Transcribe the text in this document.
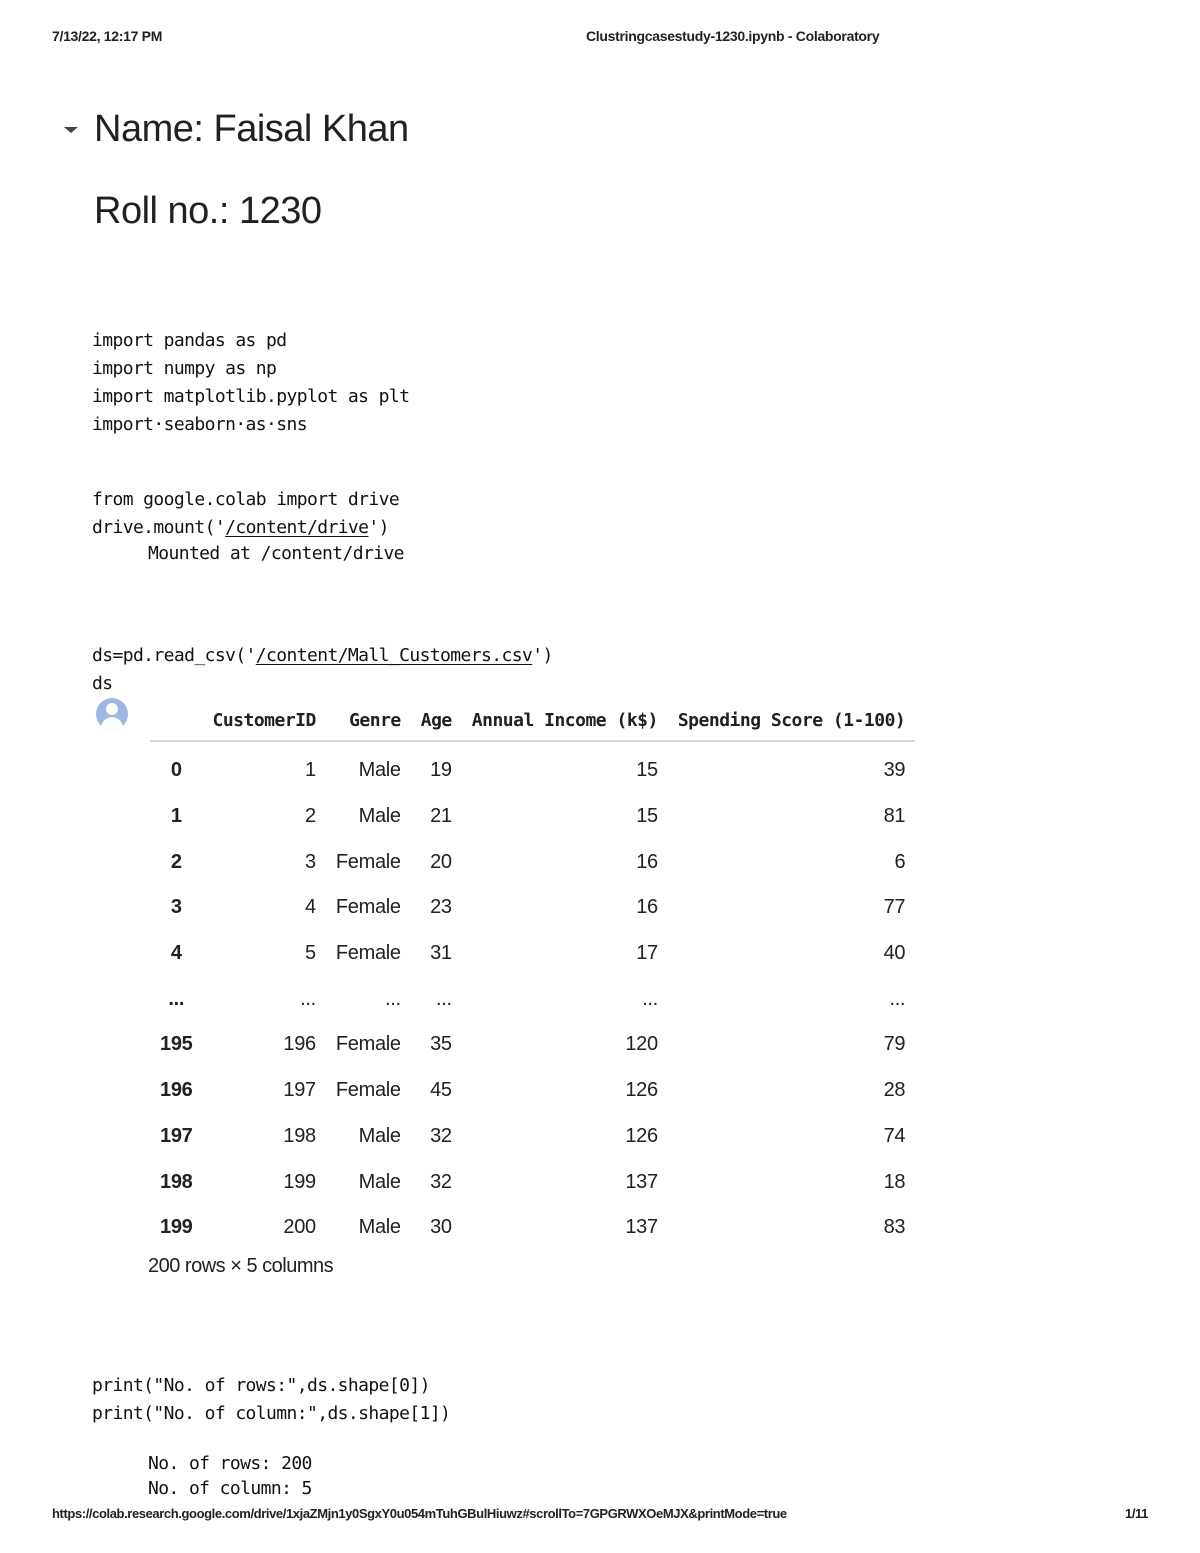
7/13/22, 12:17 PM	Clustringcasestudy-1230.ipynb - Colaboratory
Name: Faisal Khan
Roll no.: 1230

import pandas as pd
import numpy as np
import matplotlib.pyplot as plt
import·seaborn·as·sns

from google.colab import drive
drive.mount('/content/drive')

Mounted at /content/drive

ds=pd.read_csv('/content/Mall_Customers.csv')
ds

	CustomerID	Genre	Age	Annual Income (k$)	Spending Score (1-100)
0	1	Male	19	15	39
1	2	Male	21	15	81
2	3	Female	20	16	6
3	4	Female	23	16	77
4	5	Female	31	17	40
...	...	...	...	...	...
195	196	Female	35	120	79
196	197	Female	45	126	28
197	198	Male	32	126	74
198	199	Male	32	137	18
199	200	Male	30	137	83
200 rows × 5 columns

print("No. of rows:",ds.shape[0])
print("No. of column:",ds.shape[1])

No. of rows: 200
No. of column: 5

https://colab.research.google.com/drive/1xjaZMjn1y0SgxY0u054mTuhGBulHiuwz#scrollTo=7GPGRWXOeMJX&printMode=true	1/11
